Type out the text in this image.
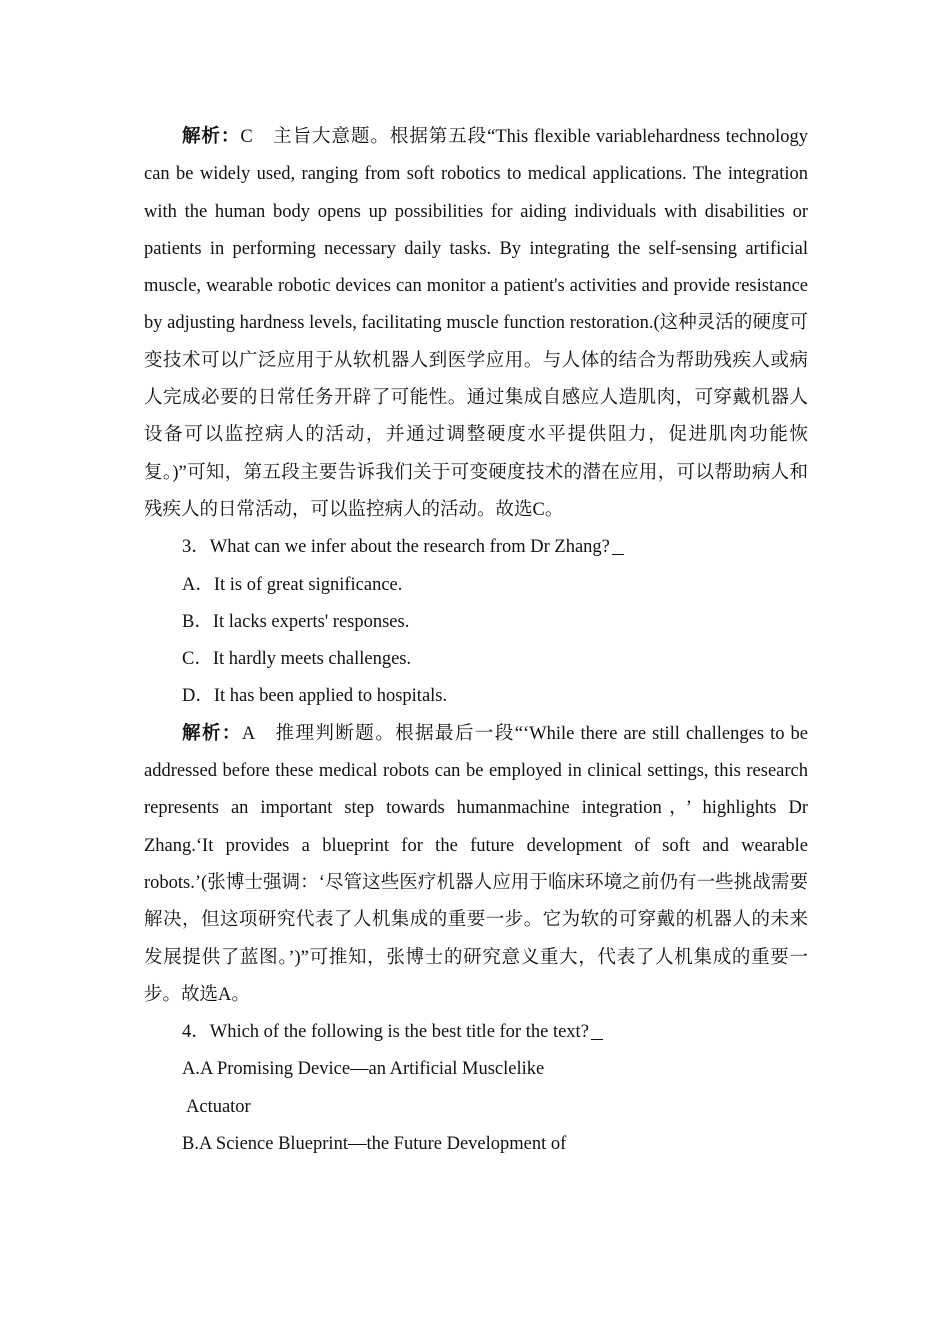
解析：C　主旨大意题。根据第五段“This flexible variablehardness technology can be widely used, ranging from soft robotics to medical applications. The integration with the human body opens up possibilities for aiding individuals with disabilities or patients in performing necessary daily tasks. By integrating the self-sensing artificial muscle, wearable robotic devices can monitor a patient's activities and provide resistance by adjusting hardness levels, facilitating muscle function restoration.(这种灵活的硬度可变技术可以广泛应用于从软机器人到医学应用。与人体的结合为帮助残疾人或病人完成必要的日常任务开辟了可能性。通过集成自感应人造肌肉，可穿戴机器人设备可以监控病人的活动，并通过调整硬度水平提供阻力，促进肌肉功能恢复。)”可知，第五段主要告诉我们关于可变硬度技术的潜在应用，可以帮助病人和残疾人的日常活动，可以监控病人的活动。故选C。

3．What can we infer about the research from Dr Zhang?

A．It is of great significance.

B．It lacks experts' responses.

C．It hardly meets challenges.

D．It has been applied to hospitals.

解析：A　推理判断题。根据最后一段“‘While there are still challenges to be addressed before these medical robots can be employed in clinical settings, this research represents an important step towards humanmachine integration，’ highlights Dr Zhang.‘It provides a blueprint for the future development of soft and wearable robots.’(张博士强调：‘尽管这些医疗机器人应用于临床环境之前仍有一些挑战需要解决，但这项研究代表了人机集成的重要一步。它为软的可穿戴的机器人的未来发展提供了蓝图。’)”可推知，张博士的研究意义重大，代表了人机集成的重要一步。故选A。

4．Which of the following is the best title for the text?

A.A Promising Device—an Artificial Musclelike

Actuator

B.A Science Blueprint—the Future Development of
